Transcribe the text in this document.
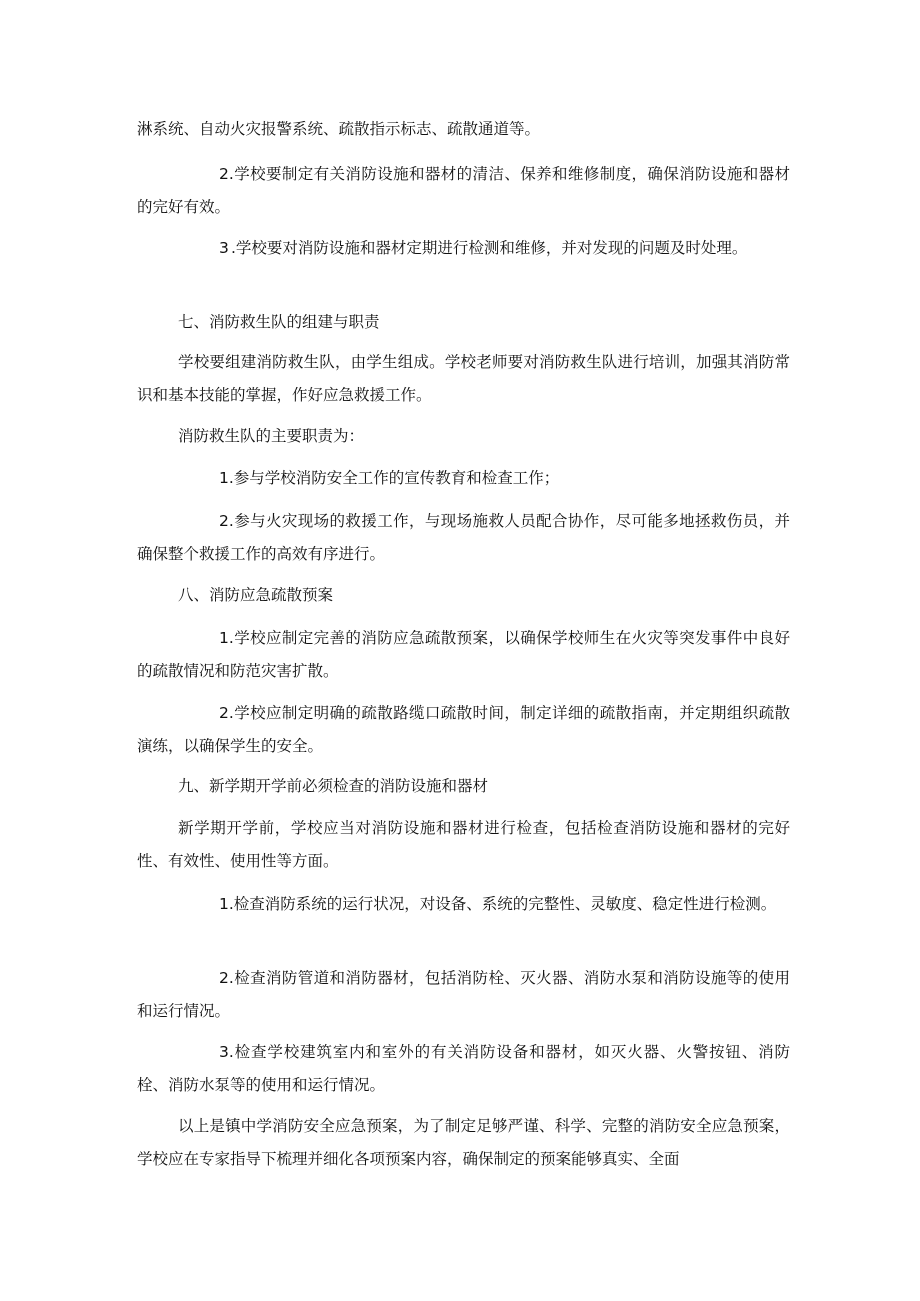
淋系统、自动火灾报警系统、疏散指示标志、疏散通道等。

2.学校要制定有关消防设施和器材的清洁、保养和维修制度，确保消防设施和器材的完好有效。

3 .学校要对消防设施和器材定期进行检测和维修，并对发现的问题及时处理。

七、消防救生队的组建与职责

学校要组建消防救生队，由学生组成。学校老师要对消防救生队进行培训，加强其消防常识和基本技能的掌握，作好应急救援工作。

消防救生队的主要职责为：

1.参与学校消防安全工作的宣传教育和检查工作；

2.参与火灾现场的救援工作，与现场施救人员配合协作，尽可能多地拯救伤员，并确保整个救援工作的高效有序进行。

八、消防应急疏散预案

1.学校应制定完善的消防应急疏散预案，以确保学校师生在火灾等突发事件中良好的疏散情况和防范灾害扩散。

2.学校应制定明确的疏散路缆口疏散时间，制定详细的疏散指南，并定期组织疏散演练，以确保学生的安全。

九、新学期开学前必须检查的消防设施和器材

新学期开学前，学校应当对消防设施和器材进行检查，包括检查消防设施和器材的完好性、有效性、使用性等方面。

1.检查消防系统的运行状况，对设备、系统的完整性、灵敏度、稳定性进行检测。

2.检查消防管道和消防器材，包括消防栓、灭火器、消防水泵和消防设施等的使用和运行情况。

3.检查学校建筑室内和室外的有关消防设备和器材，如灭火器、火警按钮、消防栓、消防水泵等的使用和运行情况。

以上是镇中学消防安全应急预案，为了制定足够严谨、科学、完整的消防安全应急预案，学校应在专家指导下梳理并细化各项预案内容，确保制定的预案能够真实、全面
